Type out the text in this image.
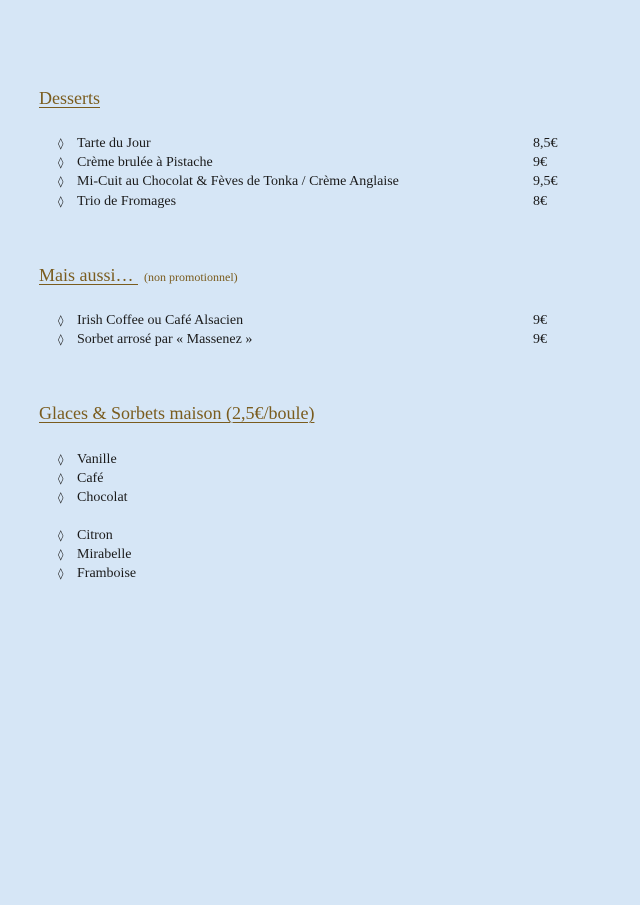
Desserts
◊ Tarte du Jour	8,5€
◊ Crème brulée à Pistache	9€
◊ Mi-Cuit au Chocolat & Fèves de Tonka / Crème Anglaise	9,5€
◊ Trio de Fromages	8€
Mais aussi… (non promotionnel)
◊ Irish Coffee ou Café Alsacien	9€
◊ Sorbet arrosé par « Massenez »	9€
Glaces & Sorbets maison (2,5€/boule)
◊ Vanille
◊ Café
◊ Chocolat
◊ Citron
◊ Mirabelle
◊ Framboise
